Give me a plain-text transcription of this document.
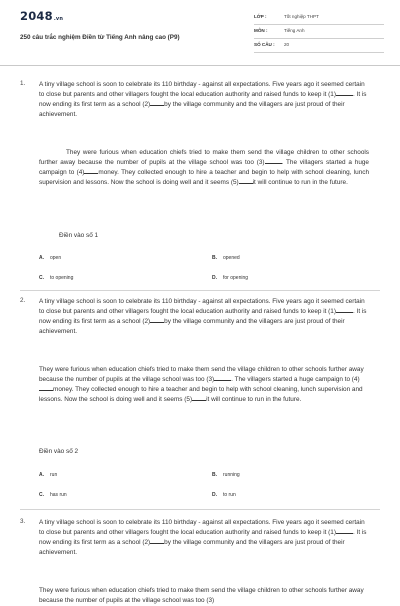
2048.vn
250 câu trắc nghiệm Điền từ Tiếng Anh nâng cao (P9)
LỚP :	Tốt nghiệp THPT
MÔN :	Tiếng Anh
SỐ CÂU : 20
1. A tiny village school is soon to celebrate its 110 birthday - against all expectations. Five years ago it seemed certain to close but parents and other villagers fought the local education authority and raised funds to keep it (1)	. It is now ending its first term as a school (2) by the village community and the villagers are just proud of their achievement.
They were furious when education chiefs tried to make them send the village children to other schools further away because the number of pupils at the village school was too (3)	. The villagers started a huge campaign to (4) money. They collected enough to hire a teacher and begin to help with school cleaning, lunch supervision and lessons. Now the school is doing well and it seems (5) it will continue to run in the future.
Điền vào số 1
A. open	B. opened
C. to opening	D. for opening
2. A tiny village school is soon to celebrate its 110 birthday - against all expectations. Five years ago it seemed certain to close but parents and other villagers fought the local education authority and raised funds to keep it (1)	. It is now ending its first term as a school (2) by the village community and the villagers are just proud of their achievement.
They were furious when education chiefs tried to make them send the village children to other schools further away because the number of pupils at the village school was too (3)	. The villagers started a huge campaign to (4)money. They collected enough to hire a teacher and begin to help with school cleaning, lunch supervision and lessons. Now the school is doing well and it seems (5) it will continue to run in the future.
Điền vào số 2
A. run	B. running
C. has run	D. to run
3. A tiny village school is soon to celebrate its 110 birthday - against all expectations. Five years ago it seemed certain to close but parents and other villagers fought the local education authority and raised funds to keep it (1)	. It is now ending its first term as a school (2) by the village community and the villagers are just proud of their achievement.
They were furious when education chiefs tried to make them send the village children to other schools further away because the number of pupils at the village school was too (3)
